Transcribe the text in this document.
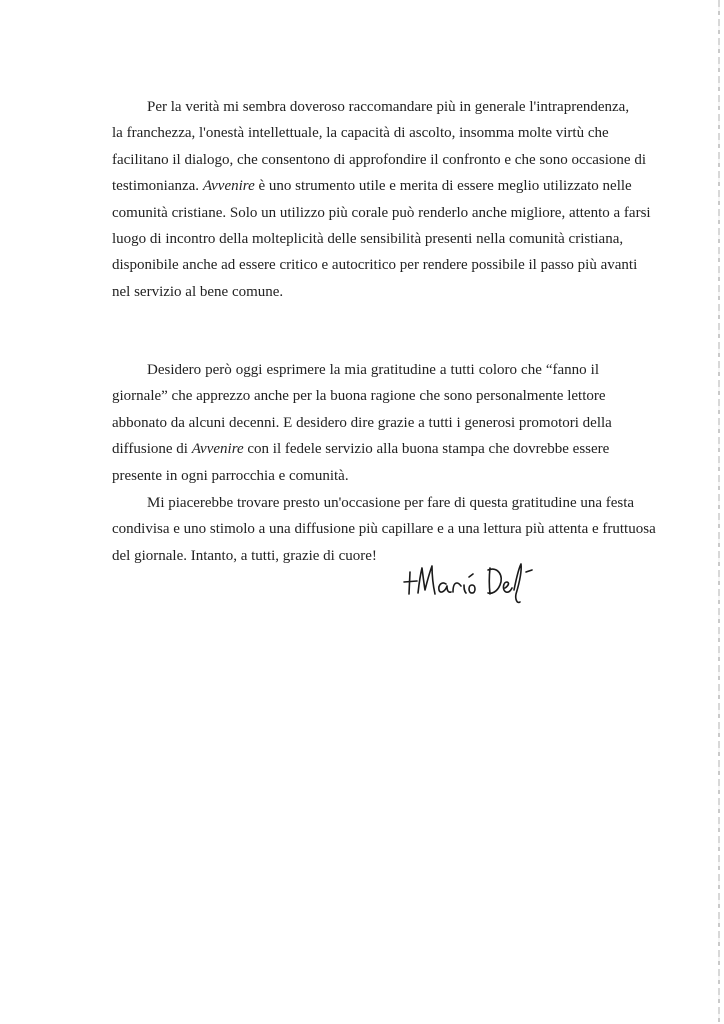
Per la verità mi sembra doveroso raccomandare più in generale l'intraprendenza,
la franchezza, l'onestà intellettuale, la capacità di ascolto, insomma molte virtù che
facilitano il dialogo, che consentono di approfondire il confronto e che sono occasione di
testimonianza. Avvenire è uno strumento utile e merita di essere meglio utilizzato nelle
comunità cristiane. Solo un utilizzo più corale può renderlo anche migliore, attento a farsi
luogo di incontro della molteplicità delle sensibilità presenti nella comunità cristiana,
disponibile anche ad essere critico e autocritico per rendere possibile il passo più avanti
nel servizio al bene comune.

Desidero però oggi esprimere la mia gratitudine a tutti coloro che “fanno il
giornale” che apprezzo anche per la buona ragione che sono personalmente lettore
abbonato da alcuni decenni. E desidero dire grazie a tutti i generosi promotori della
diffusione di Avvenire con il fedele servizio alla buona stampa che dovrebbe essere
presente in ogni parrocchia e comunità.

Mi piacerebbe trovare presto un'occasione per fare di questa gratitudine una festa
condivisa e uno stimolo a una diffusione più capillare e a una lettura più attenta e fruttuosa
del giornale. Intanto, a tutti, grazie di cuore!
